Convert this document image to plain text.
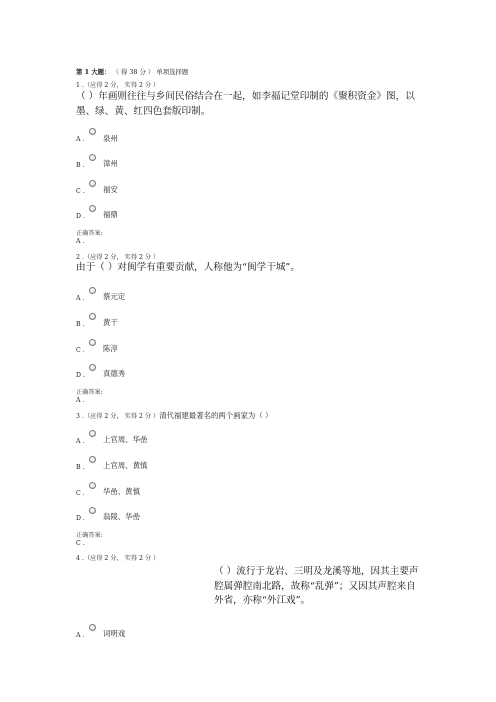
第 1 大题： （ 得 38 分 ） 单项选择题
1 .（应得 2 分， 实得 2 分 ）
（ ）年画则往往与乡间民俗结合在一起，如李福记堂印制的《聚积资金》图，以墨、绿、黄、红四色套版印制。
A .	泉州
B .	漳州
C . 福安
D . 福鼎
正确答案:
A .
2 .（应得 2 分， 实得 2 分 ）
由于（ ）对闽学有重要贡献，人称他为“闽学干城”。
A .	蔡元定
B .	黄干
C . 陈淳
D . 真德秀
正确答案:
A .
3 .（应得 2 分， 实得 2 分 ）清代福建最著名的两个画家为（ ）
A .	上官周、华嵒
B .	上官周、黄慎
C . 华嵒、黄慎
D . 翁陵、华嵒
正确答案:
C .
4 .（应得 2 分， 实得 2 分 ）
（ ）流行于龙岩、三明及龙溪等地，因其主要声腔属弹腔南北路，故称“乱弹”；又因其声腔来自外省，亦称“外江戏”。
A .	词明戏
